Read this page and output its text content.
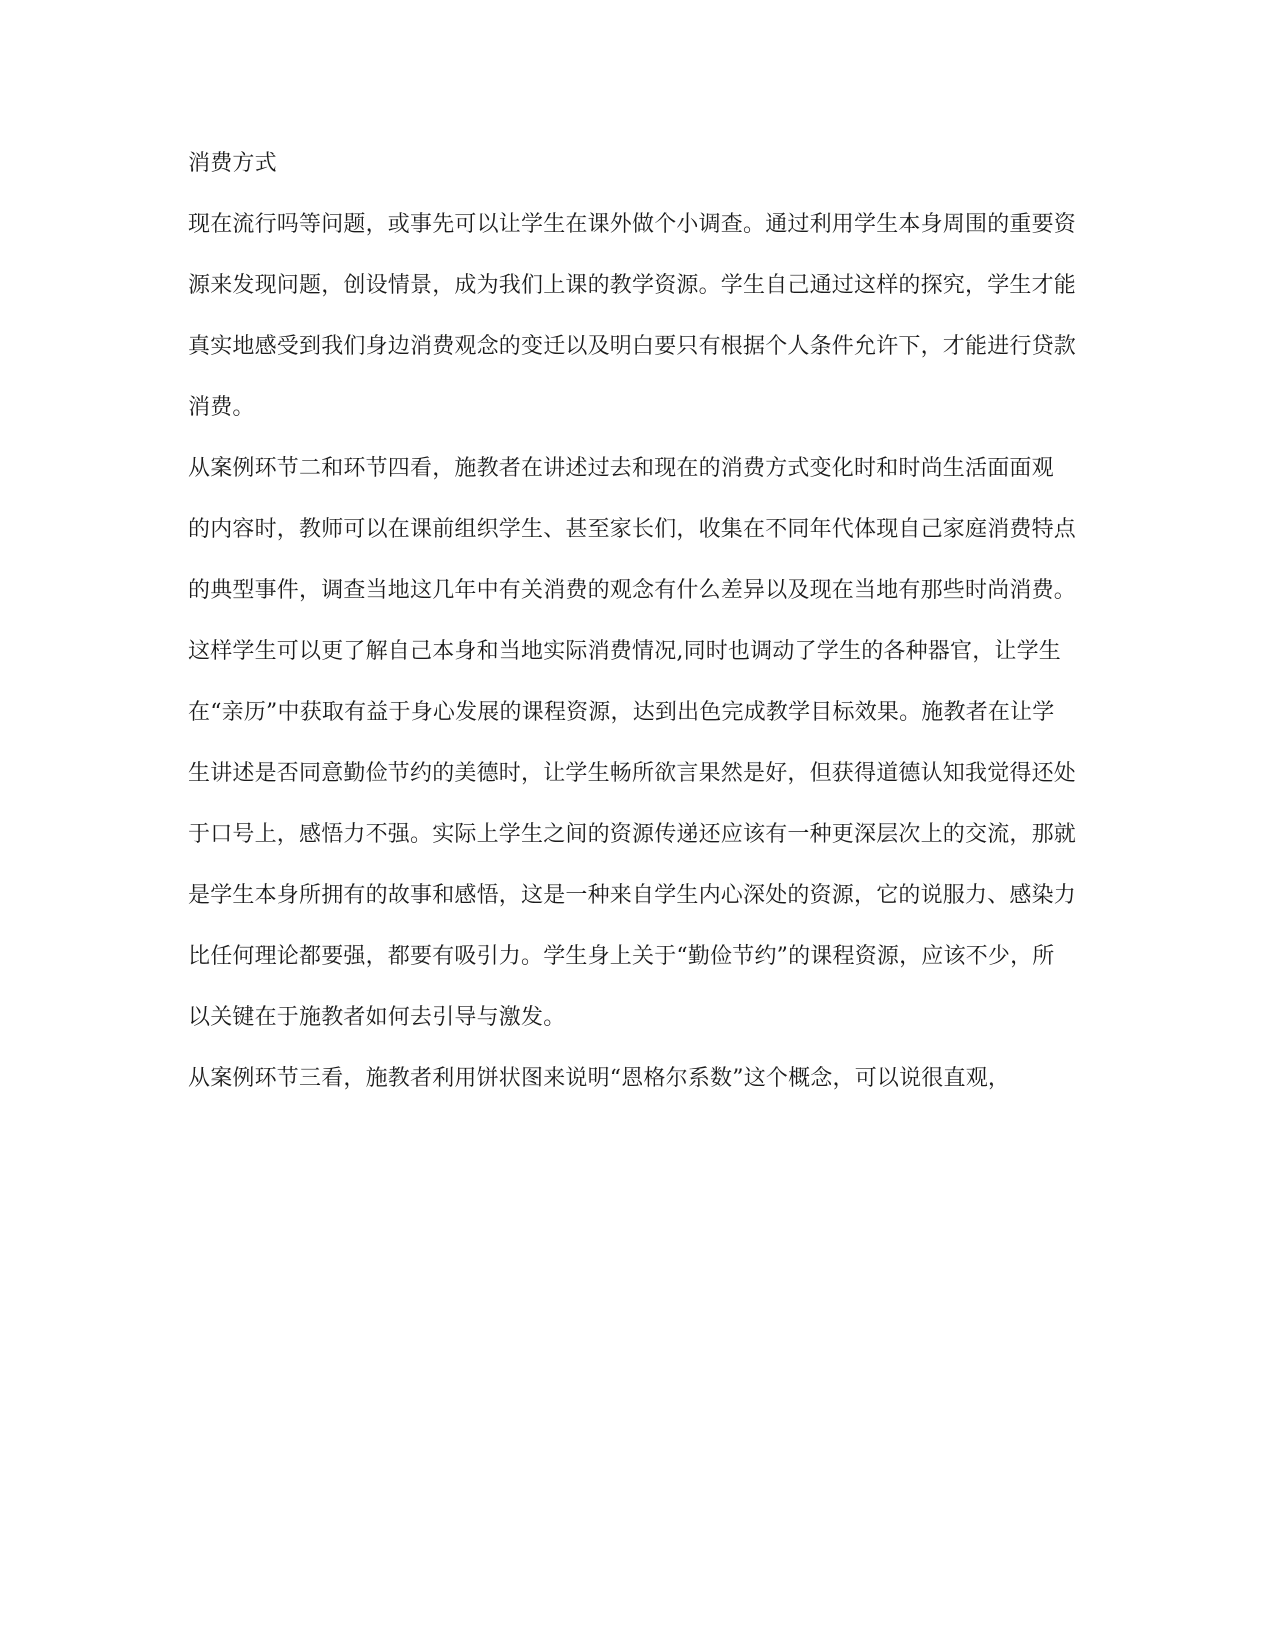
消费方式

现在流行吗等问题，或事先可以让学生在课外做个小调查。通过利用学生本身周围的重要资

源来发现问题，创设情景，成为我们上课的教学资源。学生自己通过这样的探究，学生才能

真实地感受到我们身边消费观念的变迁以及明白要只有根据个人条件允许下，才能进行贷款

消费。

从案例环节二和环节四看，施教者在讲述过去和现在的消费方式变化时和时尚生活面面观

的内容时，教师可以在课前组织学生、甚至家长们，收集在不同年代体现自己家庭消费特点

的典型事件，调查当地这几年中有关消费的观念有什么差异以及现在当地有那些时尚消费。

这样学生可以更了解自己本身和当地实际消费情况,同时也调动了学生的各种器官，让学生

在“亲历”中获取有益于身心发展的课程资源，达到出色完成教学目标效果。施教者在让学

生讲述是否同意勤俭节约的美德时，让学生畅所欲言果然是好，但获得道德认知我觉得还处

于口号上，感悟力不强。实际上学生之间的资源传递还应该有一种更深层次上的交流，那就

是学生本身所拥有的故事和感悟，这是一种来自学生内心深处的资源，它的说服力、感染力

比任何理论都要强，都要有吸引力。学生身上关于“勤俭节约”的课程资源，应该不少，所

以关键在于施教者如何去引导与激发。

从案例环节三看，施教者利用饼状图来说明“恩格尔系数”这个概念，可以说很直观，
